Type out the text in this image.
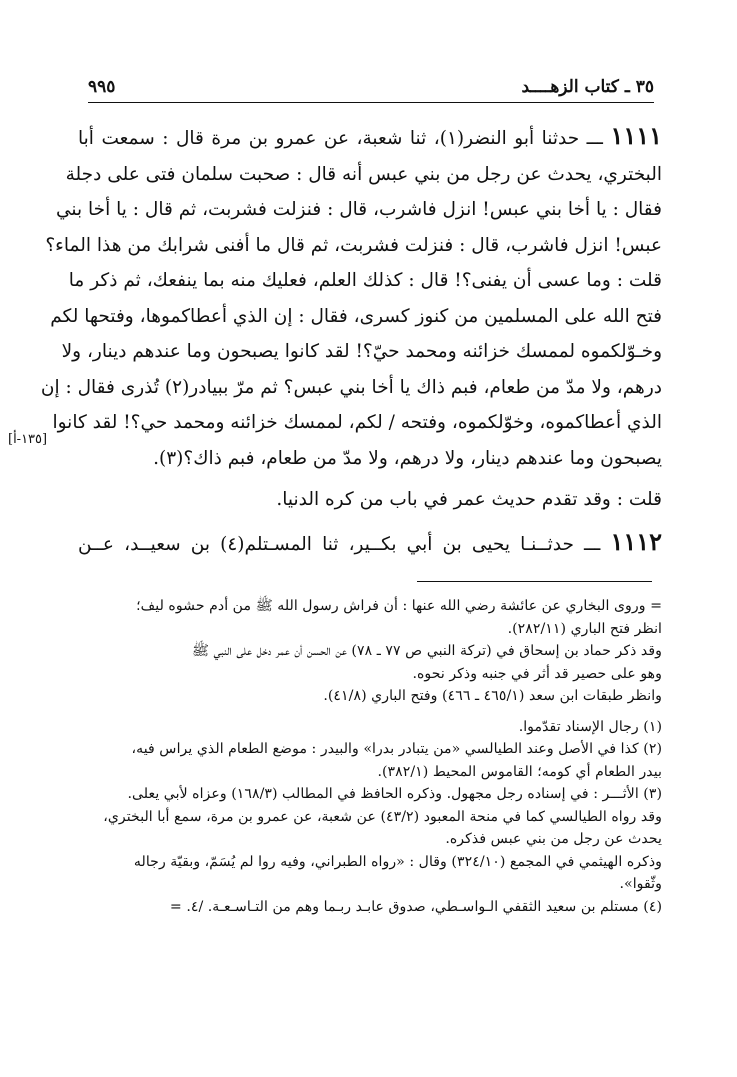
٣٥ ـ كتاب الزهــــد
٩٩٥
١١١١ ـــ حدثنا أبو النضر(١)، ثنا شعبة، عن عمرو بن مرة قال : سمعت أبا
البختري، يحدث عن رجل من بني عبس أنه قال : صحبت سلمان فتى على دجلة
فقال : يا أخا بني عبس! انزل فاشرب، قال : فنزلت فشربت، ثم قال : يا أخا بني
عبس! انزل فاشرب، قال : فنزلت فشربت، ثم قال ما أفنى شرابك من هذا الماء؟
قلت : وما عسى أن يفنى؟! قال : كذلك العلم، فعليك منه بما ينفعك، ثم ذكر ما
فتح الله على المسلمين من كنوز كسرى، فقال : إن الذي أعطاكموها، وفتحها لكم
وخـوّلكموه لممسك خزائنه ومحمد حيّ؟! لقد كانوا يصبحون وما عندهم دينار، ولا
درهم، ولا مدّ من طعام، فبم ذاك يا أخا بني عبس؟ ثم مرّ ببيادر(٢) تُذرى فقال : إن
الذي أعطاكموه، وخوّلكموه، وفتحه / لكم، لممسك خزائنه ومحمد حي؟! لقد كانوا
يصبحون وما عندهم دينار، ولا درهم، ولا مدّ من طعام، فبم ذاك؟(٣).
قلت : وقد تقدم حديث عمر في باب من كره الدنيا.
١١١٢ ـــ حدثــنـا يحيى بن أبي بكــير، ثنا المسـتلم(٤) بن سعيــد، عــن
[١٣٥-أ]
= وروى البخاري عن عائشة رضي الله عنها : أن فراش رسول الله ﷺ من أدم حشوه ليف؛
انظر فتح الباري (٢٨٢/١١).
وقد ذكر حماد بن إسحاق في (تركة النبي ص ٧٧ ـ ٧٨) عن الحسن أن عمر دخل على النبي ﷺ
وهو على حصير قد أثر في جنبه وذكر نحوه.
وانظر طبقات ابن سعد (٤٦٥/١ ـ ٤٦٦) وفتح الباري (٤١/٨).
(١) رجال الإسناد تقدّموا.
(٢) كذا في الأصل وعند الطيالسي «من يتبادر بدرا» والبيدر : موضع الطعام الذي يراس فيه،
بيدر الطعام أي كومه؛ القاموس المحيط (٣٨٢/١).
(٣) الأثـــر : في إسناده رجل مجهول. وذكره الحافظ في المطالب (١٦٨/٣) وعزاه لأبي يعلى.
وقد رواه الطيالسي كما في منحة المعبود (٤٣/٢) عن شعبة، عن عمرو بن مرة، سمع أبا البختري،
يحدث عن رجل من بني عبس فذكره.
وذكره الهيثمي في المجمع (٣٢٤/١٠) وقال : «رواه الطبراني، وفيه روا لم يُسَمّ، وبقيّة رجاله
وثّقوا».
(٤) مستلم بن سعيد الثقفي الـواسـطي، صدوق عابـد ربـما وهم من التـاسـعـة. /٤. =
